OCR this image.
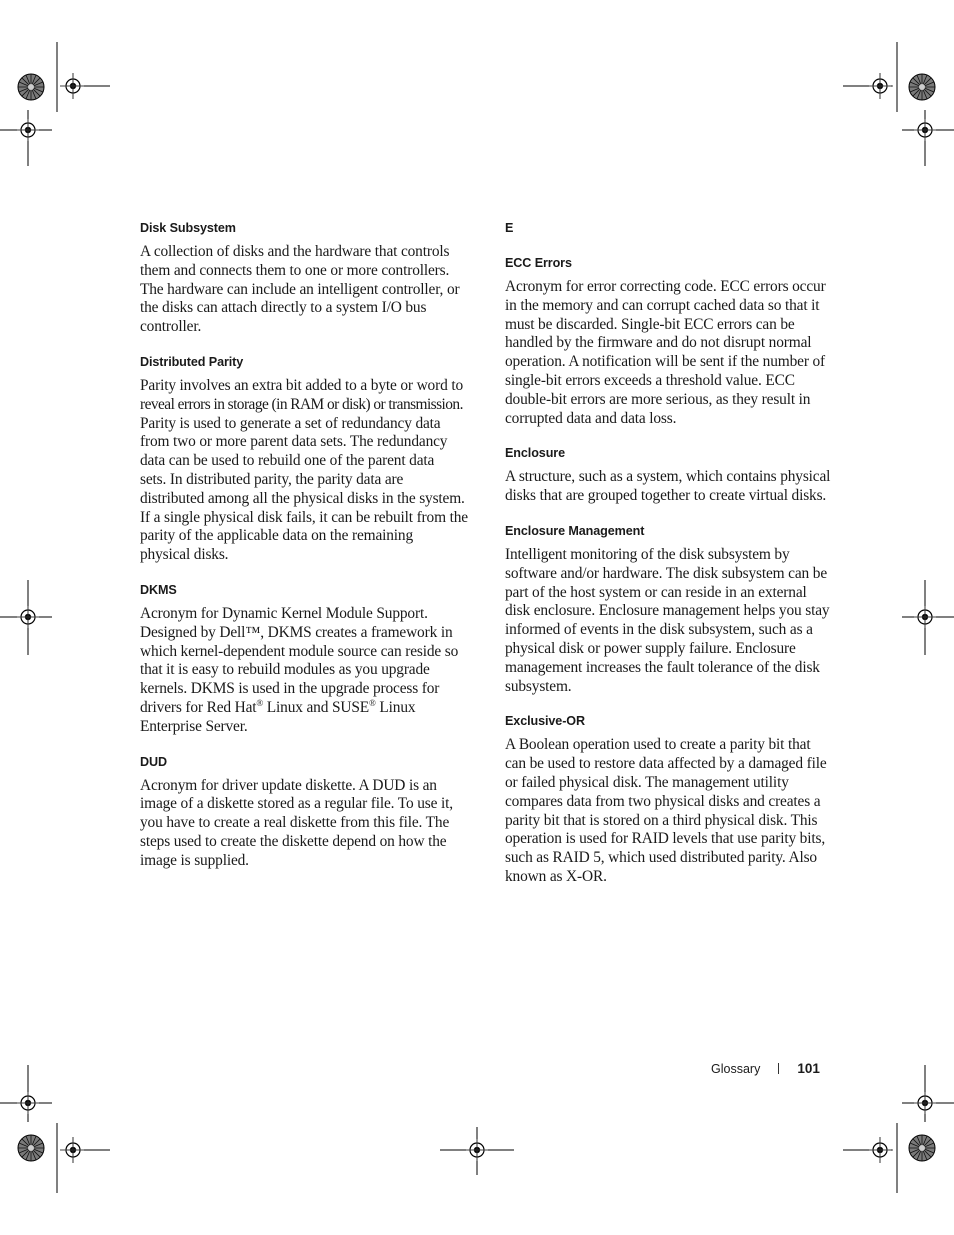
Disk Subsystem

A collection of disks and the hardware that controls
them and connects them to one or more controllers.
The hardware can include an intelligent controller, or
the disks can attach directly to a system I/O bus
controller.

Distributed Parity

Parity involves an extra bit added to a byte or word to
reveal errors in storage (in RAM or disk) or transmission.
Parity is used to generate a set of redundancy data
from two or more parent data sets. The redundancy
data can be used to rebuild one of the parent data
sets. In distributed parity, the parity data are
distributed among all the physical disks in the system.
If a single physical disk fails, it can be rebuilt from the
parity of the applicable data on the remaining
physical disks.

DKMS

Acronym for Dynamic Kernel Module Support.
Designed by Dell™, DKMS creates a framework in
which kernel-dependent module source can reside so
that it is easy to rebuild modules as you upgrade
kernels. DKMS is used in the upgrade process for
drivers for Red Hat® Linux and SUSE® Linux
Enterprise Server.

DUD

Acronym for driver update diskette. A DUD is an
image of a diskette stored as a regular file. To use it,
you have to create a real diskette from this file. The
steps used to create the diskette depend on how the
image is supplied.

E
ECC Errors

Acronym for error correcting code. ECC errors occur
in the memory and can corrupt cached data so that it
must be discarded. Single-bit ECC errors can be
handled by the firmware and do not disrupt normal
operation. A notification will be sent if the number of
single-bit errors exceeds a threshold value. ECC
double-bit errors are more serious, as they result in
corrupted data and data loss.

Enclosure

A structure, such as a system, which contains physical
disks that are grouped together to create virtual disks.

Enclosure Management

Intelligent monitoring of the disk subsystem by
software and/or hardware. The disk subsystem can be
part of the host system or can reside in an external
disk enclosure. Enclosure management helps you stay
informed of events in the disk subsystem, such as a
physical disk or power supply failure. Enclosure
management increases the fault tolerance of the disk
subsystem.

Exclusive-OR

A Boolean operation used to create a parity bit that
can be used to restore data affected by a damaged file
or failed physical disk. The management utility
compares data from two physical disks and creates a
parity bit that is stored on a third physical disk. This
operation is used for RAID levels that use parity bits,
such as RAID 5, which used distributed parity. Also
known as X-OR.

Glossary	101
